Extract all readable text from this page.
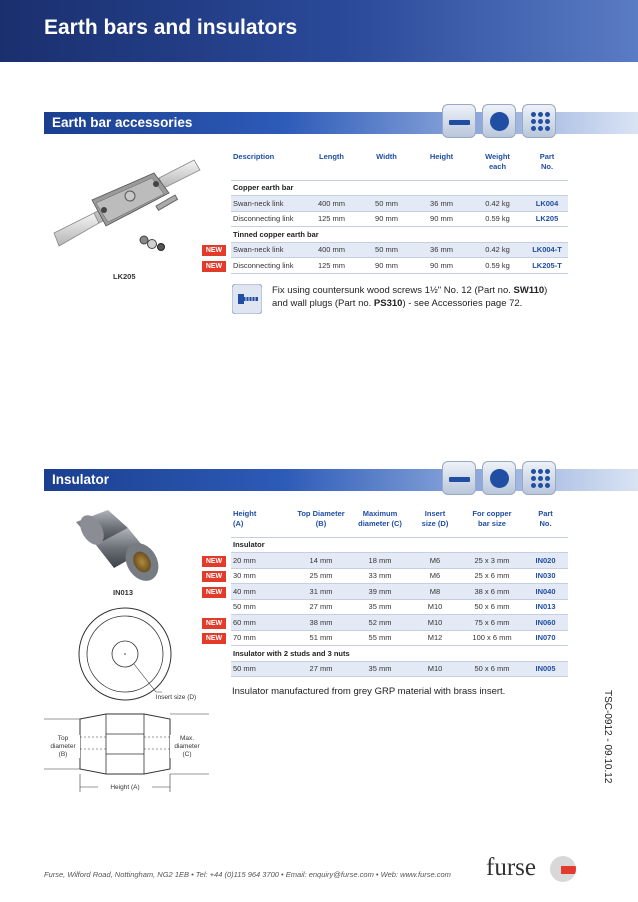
Earth bars and insulators
Earth bar accessories
LK205
Description	Length	Width	Height	Weight
each	Part
No.
Copper earth bar					
Swan-neck link	400 mm	50 mm	36 mm	0.42 kg	LK004
Disconnecting link	125 mm	90 mm	90 mm	0.59 kg	LK205
Tinned copper earth bar					
Swan-neck link	400 mm	50 mm	36 mm	0.42 kg	LK004-T
Disconnecting link	125 mm	90 mm	90 mm	0.59 kg	LK205-T
Fix using countersunk wood screws 1½" No. 12 (Part no. SW110)
and wall plugs (Part no. PS310) - see Accessories page 72.
Insulator
IN013
Insert size (D)
Top
diameter
(B)
Max.
diameter
(C)
Height (A)
Height
(A)	Top Diameter
(B)	Maximum
diameter (C)	Insert
size (D)	For copper
bar size	Part
No.
Insulator					
20 mm	14 mm	18 mm	M6	25 x 3 mm	IN020
30 mm	25 mm	33 mm	M6	25 x 6 mm	IN030
40 mm	31 mm	39 mm	M8	38 x 6 mm	IN040
50 mm	27 mm	35 mm	M10	50 x 6 mm	IN013
60 mm	38 mm	52 mm	M10	75 x 6 mm	IN060
70 mm	51 mm	55 mm	M12	100 x 6 mm	IN070
Insulator with 2 studs and 3 nuts					
50 mm	27 mm	35 mm	M10	50 x 6 mm	IN005
Insulator manufactured from grey GRP material with brass insert.	TSC-0912 - 09.10.12
Furse, Wilford Road, Nottingham, NG2 1EB • Tel: +44 (0)115 964 3700 • Email: enquiry@furse.com • Web: www.furse.com furse
NEW
NEW
NEW
NEW
NEW
NEW
NEW
